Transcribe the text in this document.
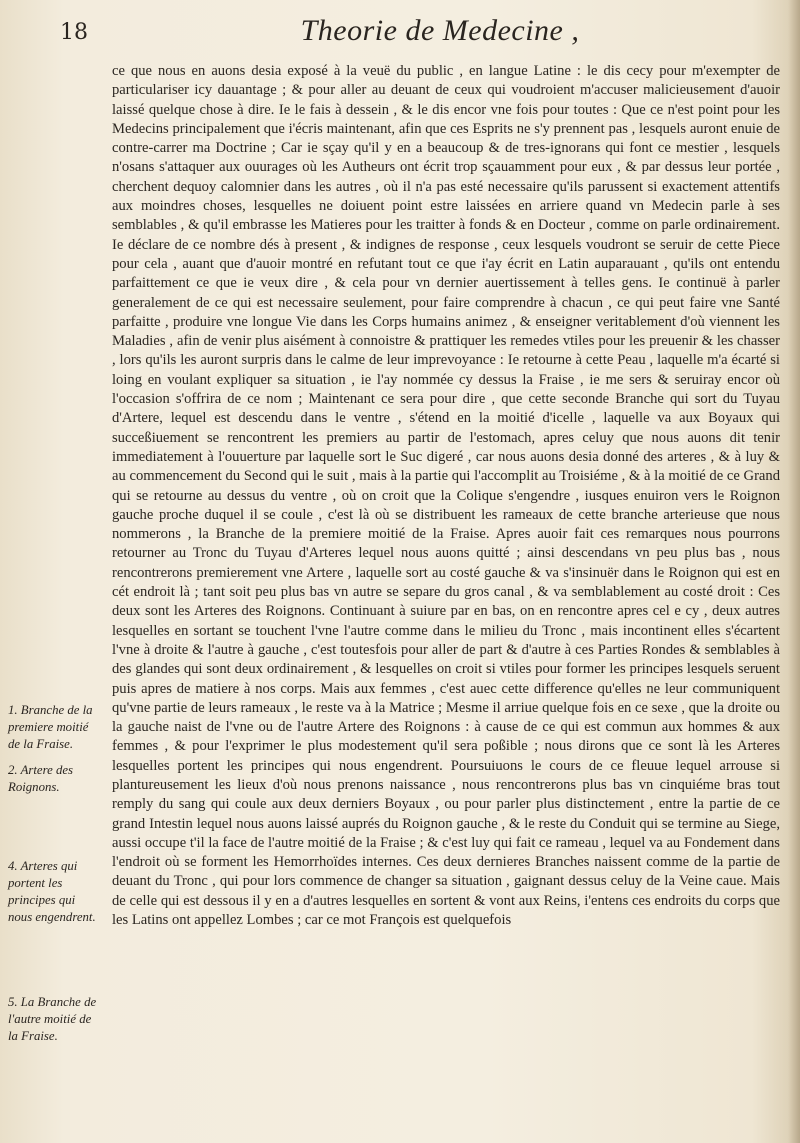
18	Theorie de Medecine ,
1. Branche de la premiere moitié de la Fraise.
2. Artere des Roignons.
4. Arteres qui portent les principes qui nous engendrent.
5. La Branche de l'autre moitié de la Fraise.

ce que nous en auons desia exposé à la veuë du public , en langue Latine : le dis cecy pour m'exempter de particulariser icy dauantage ; & pour aller au deuant de ceux qui voudroient m'accuser malicieusement d'auoir laissé quelque chose à dire. Ie le fais à dessein , & le dis encor vne fois pour toutes : Que ce n'est point pour les Medecins principalement que i'écris maintenant, afin que ces Esprits ne s'y prennent pas , lesquels auront enuie de contre-carrer ma Doctrine ; Car ie sçay qu'il y en a beaucoup & de tres-ignorans qui font ce mestier , lesquels n'osans s'attaquer aux ouurages où les Autheurs ont écrit trop sçauamment pour eux , & par dessus leur portée , cherchent dequoy calomnier dans les autres , où il n'a pas esté necessaire qu'ils parussent si exactement attentifs aux moindres choses, lesquelles ne doiuent point estre laissées en arriere quand vn Medecin parle à ses semblables , & qu'il embrasse les Matieres pour les traitter à fonds & en Docteur , comme on parle ordinairement. Ie déclare de ce nombre dés à present , & indignes de response , ceux lesquels voudront se seruir de cette Piece pour cela , auant que d'auoir montré en refutant tout ce que i'ay écrit en Latin auparauant , qu'ils ont entendu parfaittement ce que ie veux dire , & cela pour vn dernier auertissement à telles gens. Ie continuë à parler generalement de ce qui est necessaire seulement, pour faire comprendre à chacun , ce qui peut faire vne Santé parfaitte , produire vne longue Vie dans les Corps humains animez , & enseigner veritablement d'où viennent les Maladies , afin de venir plus aisément à connoistre & prattiquer les remedes vtiles pour les preuenir & les chasser , lors qu'ils les auront surpris dans le calme de leur imprevoyance : Ie retourne à cette Peau , laquelle m'a écarté si loing en voulant expliquer sa situation , ie l'ay nommée cy dessus la Fraise , ie me sers & seruiray encor où l'occasion s'offrira de ce nom ; Maintenant ce sera pour dire , que cette seconde Branche qui sort du Tuyau d'Artere, lequel est descendu dans le ventre , s'étend en la moitié d'icelle , laquelle va aux Boyaux qui succeßiuement se rencontrent les premiers au partir de l'estomach, apres celuy que nous auons dit tenir immediatement à l'ouuerture par laquelle sort le Suc digeré , car nous auons desia donné des arteres , & à luy & au commencement du Second qui le suit , mais à la partie qui l'accomplit au Troisiéme , & à la moitié de ce Grand qui se retourne au dessus du ventre , où on croit que la Colique s'engendre , iusques enuiron vers le Roignon gauche proche duquel il se coule , c'est là où se distribuent les rameaux de cette branche arterieuse que nous nommerons , la Branche de la premiere moitié de la Fraise. Apres auoir fait ces remarques nous pourrons retourner au Tronc du Tuyau d'Arteres lequel nous auons quitté ; ainsi descendans vn peu plus bas , nous rencontrerons premierement vne Artere , laquelle sort au costé gauche & va s'insinuër dans le Roignon qui est en cét endroit là ; tant soit peu plus bas vn autre se separe du gros canal , & va semblablement au costé droit : Ces deux sont les Arteres des Roignons. Continuant à suiure par en bas, on en rencontre apres cel e cy , deux autres lesquelles en sortant se touchent l'vne l'autre comme dans le milieu du Tronc , mais incontinent elles s'écartent l'vne à droite & l'autre à gauche , c'est toutesfois pour aller de part & d'autre à ces Parties Rondes & semblables à des glandes qui sont deux ordinairement , & lesquelles on croit si vtiles pour former les principes lesquels seruent puis apres de matiere à nos corps. Mais aux femmes , c'est auec cette difference qu'elles ne leur communiquent qu'vne partie de leurs rameaux , le reste va à la Matrice ; Mesme il arriue quelque fois en ce sexe , que la droite ou la gauche naist de l'vne ou de l'autre Artere des Roignons : à cause de ce qui est commun aux hommes & aux femmes , & pour l'exprimer le plus modestement qu'il sera poßible ; nous dirons que ce sont là les Arteres lesquelles portent les principes qui nous engendrent. Poursuiuons le cours de ce fleuue lequel arrouse si plantureusement les lieux d'où nous prenons naissance , nous rencontrerons plus bas vn cinquiéme bras tout remply du sang qui coule aux deux derniers Boyaux , ou pour parler plus distinctement , entre la partie de ce grand Intestin lequel nous auons laissé auprés du Roignon gauche , & le reste du Conduit qui se termine au Siege, aussi occupe t'il la face de l'autre moitié de la Fraise ; & c'est luy qui fait ce rameau , lequel va au Fondement dans l'endroit où se forment les Hemorrhoïdes internes. Ces deux dernieres Branches naissent comme de la partie de deuant du Tronc , qui pour lors commence de changer sa situation , gaignant dessus celuy de la Veine caue. Mais de celle qui est dessous il y en a d'autres lesquelles en sortent & vont aux Reins, i'entens ces endroits du corps que les Latins ont appellez Lombes ; car ce mot François est quelquefois
